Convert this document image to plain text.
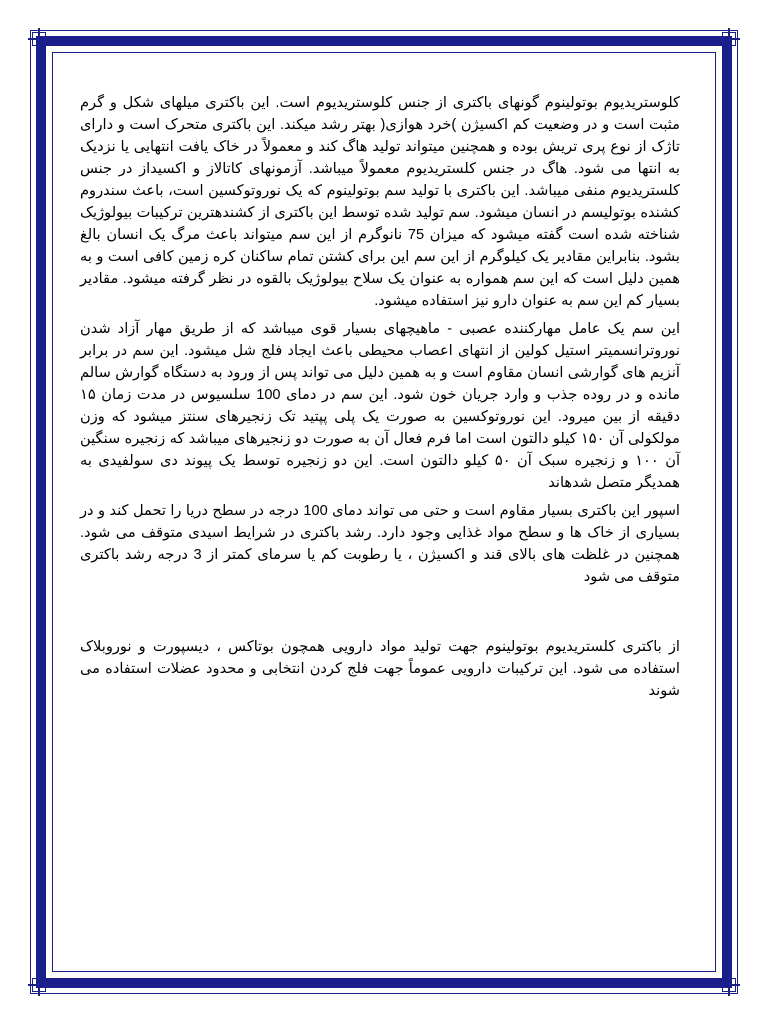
کلوستریدیوم بوتولینوم گونهای باکتری از جنس کلوستریدیوم است. این باکتری میلهای شکل و گرم مثبت است و در وضعیت کم اکسیژن )خرد هوازی( بهتر رشد میکند. این باکتری متحرک است و دارای تاژک از نوع پری تریش بوده و همچنین میتواند تولید هاگ کند و معمولاً در خاک یافت انتهایی یا نزدیک به انتها می شود. هاگ در جنس کلستریدیوم معمولاً میباشد. آزمونهای کاتالاز و اکسیداز در جنس کلستریدیوم منفی میباشد. این باکتری با تولید سم بوتولینوم که یک نوروتوکسین است، باعث سندروم کشنده بوتولیسم در انسان میشود. سم تولید شده توسط این باکتری از کشندهترین ترکیبات بیولوژیک شناخته شده است گفته میشود که میزان 75 نانوگرم از این سم میتواند باعث مرگ یک انسان بالغ بشود. بنابراین مقادیر یک کیلوگرم از این سم این برای کشتن تمام ساکنان کره زمین کافی است و به همین دلیل است که این سم همواره به عنوان یک سلاح بیولوژیک بالقوه در نظر گرفته میشود. مقادیر بسیار کم این سم به عنوان دارو نیز استفاده میشود.

این سم یک عامل مهارکننده عصبی - ماهیچهای بسیار قوی میباشد که از طریق مهار آزاد شدن نوروترانسمیتر استیل کولین از انتهای اعصاب محیطی باعث ایجاد فلج شل میشود. این سم در برابر آنزیم های گوارشی انسان مقاوم است و به همین دلیل می تواند پس از ورود به دستگاه گوارش سالم مانده و در روده جذب و وارد جریان خون شود. این سم در دمای 100 سلسیوس در مدت زمان ۱۵ دقیقه از بین میرود. این نوروتوکسین به صورت یک پلی پپتید تک زنجیرهای سنتز میشود که وزن مولکولی آن ۱۵۰ کیلو دالتون است اما فرم فعال آن به صورت دو زنجیرهای میباشد که زنجیره سنگین آن ۱۰۰ و زنجیره سبک آن ۵۰ کیلو دالتون است. این دو زنجیره توسط یک پیوند دی سولفیدی به همدیگر متصل شدهاند

اسپور این باکتری بسیار مقاوم است و حتی می تواند دمای 100 درجه در سطح دریا را تحمل کند و در بسیاری از خاک ها و سطح مواد غذایی وجود دارد. رشد باکتری در شرایط اسیدی متوقف می شود. همچنین در غلظت های بالای قند و اکسیژن ، یا رطوبت کم یا سرمای کمتر از 3 درجه رشد باکتری متوقف می شود

از باکتری کلستریدیوم بوتولینوم جهت تولید مواد دارویی همچون بوتاکس ، دیسپورت و نوروبلاک استفاده می شود. این ترکیبات دارویی عموماً جهت فلج کردن انتخابی و محدود عضلات استفاده می شوند
